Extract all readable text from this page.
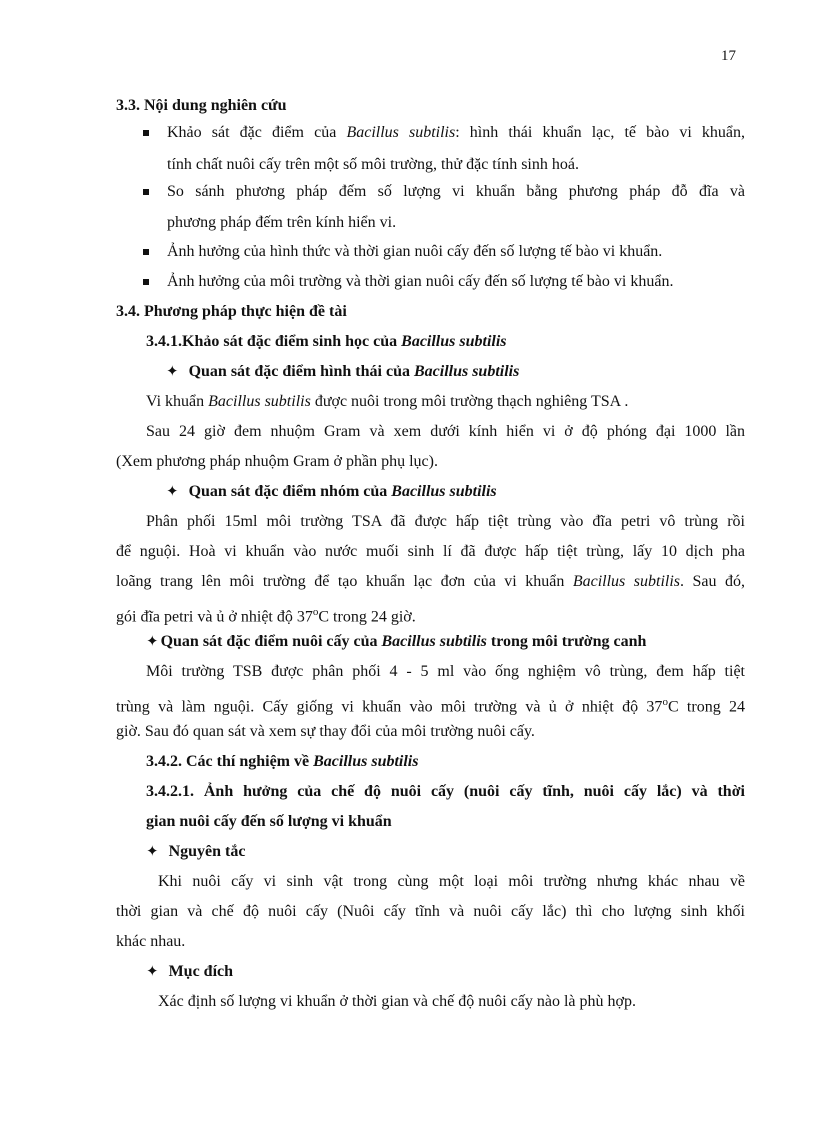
17
3.3. Nội dung nghiên cứu
Khảo sát đặc điểm của Bacillus subtilis: hình thái khuẩn lạc, tế bào vi khuẩn,
tính chất nuôi cấy trên một số môi trường, thử đặc tính sinh hoá.
So sánh phương pháp đếm số lượng vi khuẩn bằng phương pháp đỗ đĩa và
phương pháp đếm trên kính hiển vi.
Ảnh hưởng của hình thức và thời gian nuôi cấy đến số lượng tế bào vi khuẩn.
Ảnh hưởng của môi trường và thời gian nuôi cấy đến số lượng tế bào vi khuẩn.
3.4. Phương pháp thực hiện đề tài
3.4.1.Khảo sát đặc điểm sinh học của Bacillus subtilis
✦ Quan sát đặc điểm hình thái của Bacillus subtilis
Vi khuẩn Bacillus subtilis được nuôi trong môi trường thạch nghiêng TSA .
Sau 24 giờ đem nhuộm Gram và xem dưới kính hiển vi ở độ phóng đại 1000 lần
(Xem phương pháp nhuộm Gram ở phần phụ lục).
✦ Quan sát đặc điểm nhóm của Bacillus subtilis
Phân phối 15ml môi trường TSA đã được hấp tiệt trùng vào đĩa petri vô trùng rồi
để nguội. Hoà vi khuẩn vào nước muối sinh lí đã được hấp tiệt trùng, lấy 10 dịch pha
loãng trang lên môi trường để tạo khuẩn lạc đơn của vi khuẩn Bacillus subtilis. Sau đó,
gói đĩa petri và ủ ở nhiệt độ 37$^o$C trong 24 giờ.
✦ Quan sát đặc điểm nuôi cấy của Bacillus subtilis trong môi trường canh
Môi trường TSB được phân phối 4 - 5 ml vào ống nghiệm vô trùng, đem hấp tiệt
trùng và làm nguội. Cấy giống vi khuẩn vào môi trường và ủ ở nhiệt độ 37$^o$C trong 24
giờ. Sau đó quan sát và xem sự thay đổi của môi trường nuôi cấy.
3.4.2. Các thí nghiệm về Bacillus subtilis
3.4.2.1. Ảnh hưởng của chế độ nuôi cấy (nuôi cấy tĩnh, nuôi cấy lắc) và thời
gian nuôi cấy đến số lượng vi khuẩn
✦ Nguyên tắc
Khi nuôi cấy vi sinh vật trong cùng một loại môi trường nhưng khác nhau về
thời gian và chế độ nuôi cấy (Nuôi cấy tĩnh và nuôi cấy lắc) thì cho lượng sinh khối
khác nhau.
✦ Mục đích
Xác định số lượng vi khuẩn ở thời gian và chế độ nuôi cấy nào là phù hợp.
